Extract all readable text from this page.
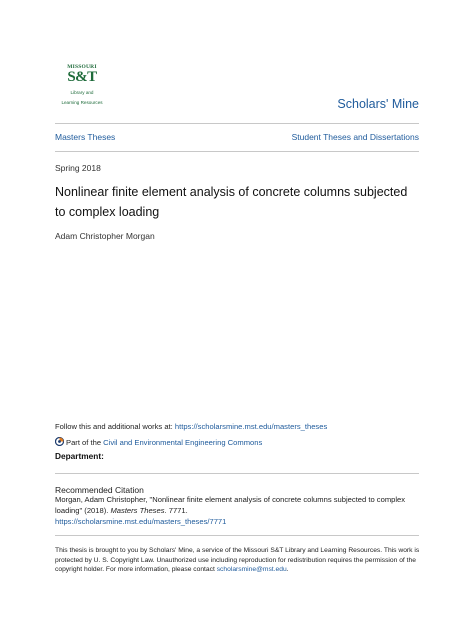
MISSOURI
S&T
Library and
Learning Resources	Scholars' Mine
Masters Theses	Student Theses and Dissertations
Spring 2018
Nonlinear finite element analysis of concrete columns subjected to complex loading
Adam Christopher Morgan
Follow this and additional works at: https://scholarsmine.mst.edu/masters_theses
Part of the Civil and Environmental Engineering Commons
Department:
Recommended Citation
Morgan, Adam Christopher, "Nonlinear finite element analysis of concrete columns subjected to complex loading" (2018). Masters Theses. 7771.
https://scholarsmine.mst.edu/masters_theses/7771
This thesis is brought to you by Scholars' Mine, a service of the Missouri S&T Library and Learning Resources. This work is protected by U. S. Copyright Law. Unauthorized use including reproduction for redistribution requires the permission of the copyright holder. For more information, please contact scholarsmine@mst.edu.
